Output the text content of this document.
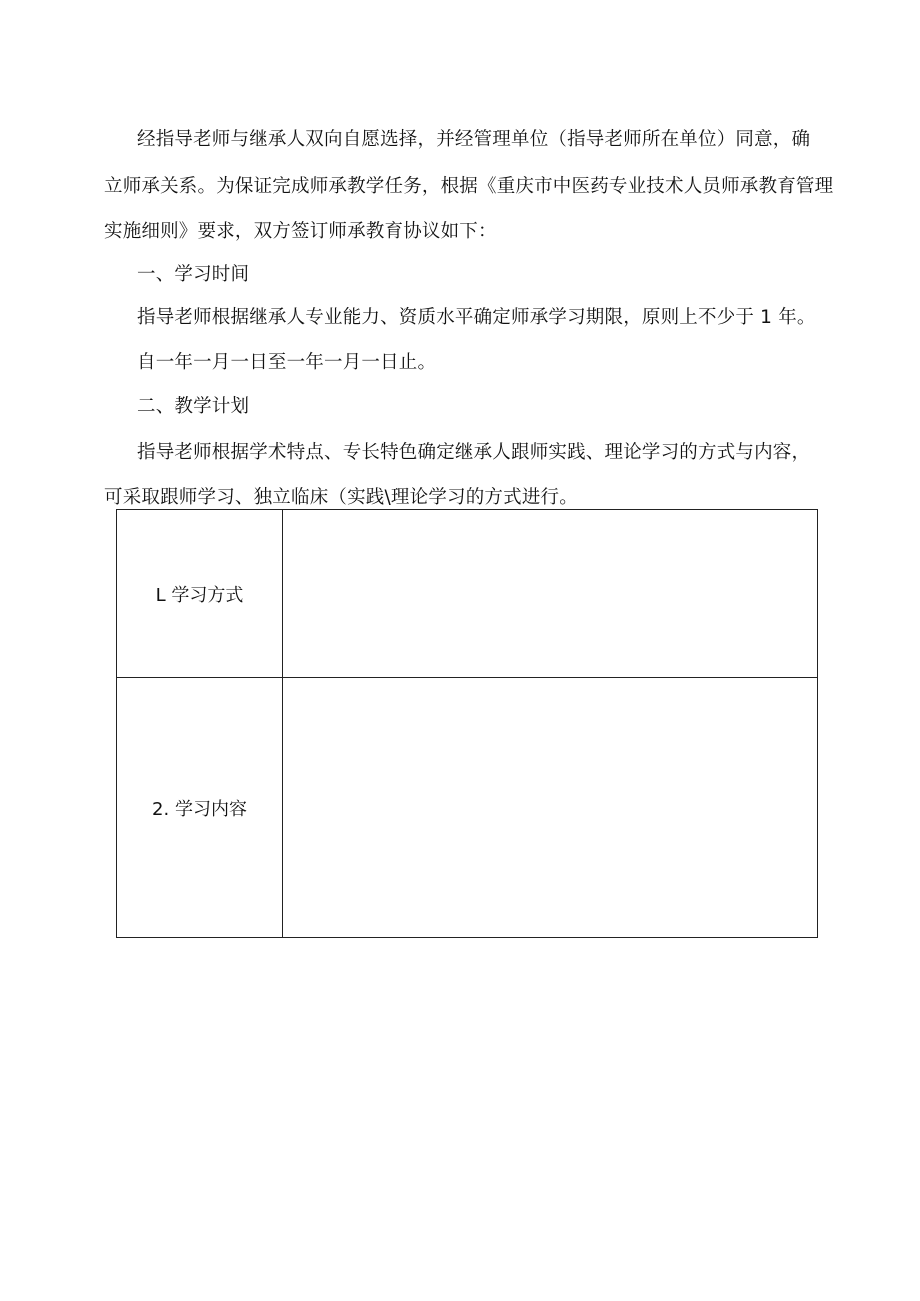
经指导老师与继承人双向自愿选择，并经管理单位（指导老师所在单位）同意，确
立师承关系。为保证完成师承教学任务，根据《重庆市中医药专业技术人员师承教育管理
实施细则》要求，双方签订师承教育协议如下：
一、学习时间
指导老师根据继承人专业能力、资质水平确定师承学习期限，原则上不少于 1 年。
自一年一月一日至一年一月一日止。
二、教学计划
指导老师根据学术特点、专长特色确定继承人跟师实践、理论学习的方式与内容，
可采取跟师学习、独立临床（实践\理论学习的方式进行。
L 学习方式
2. 学习内容
